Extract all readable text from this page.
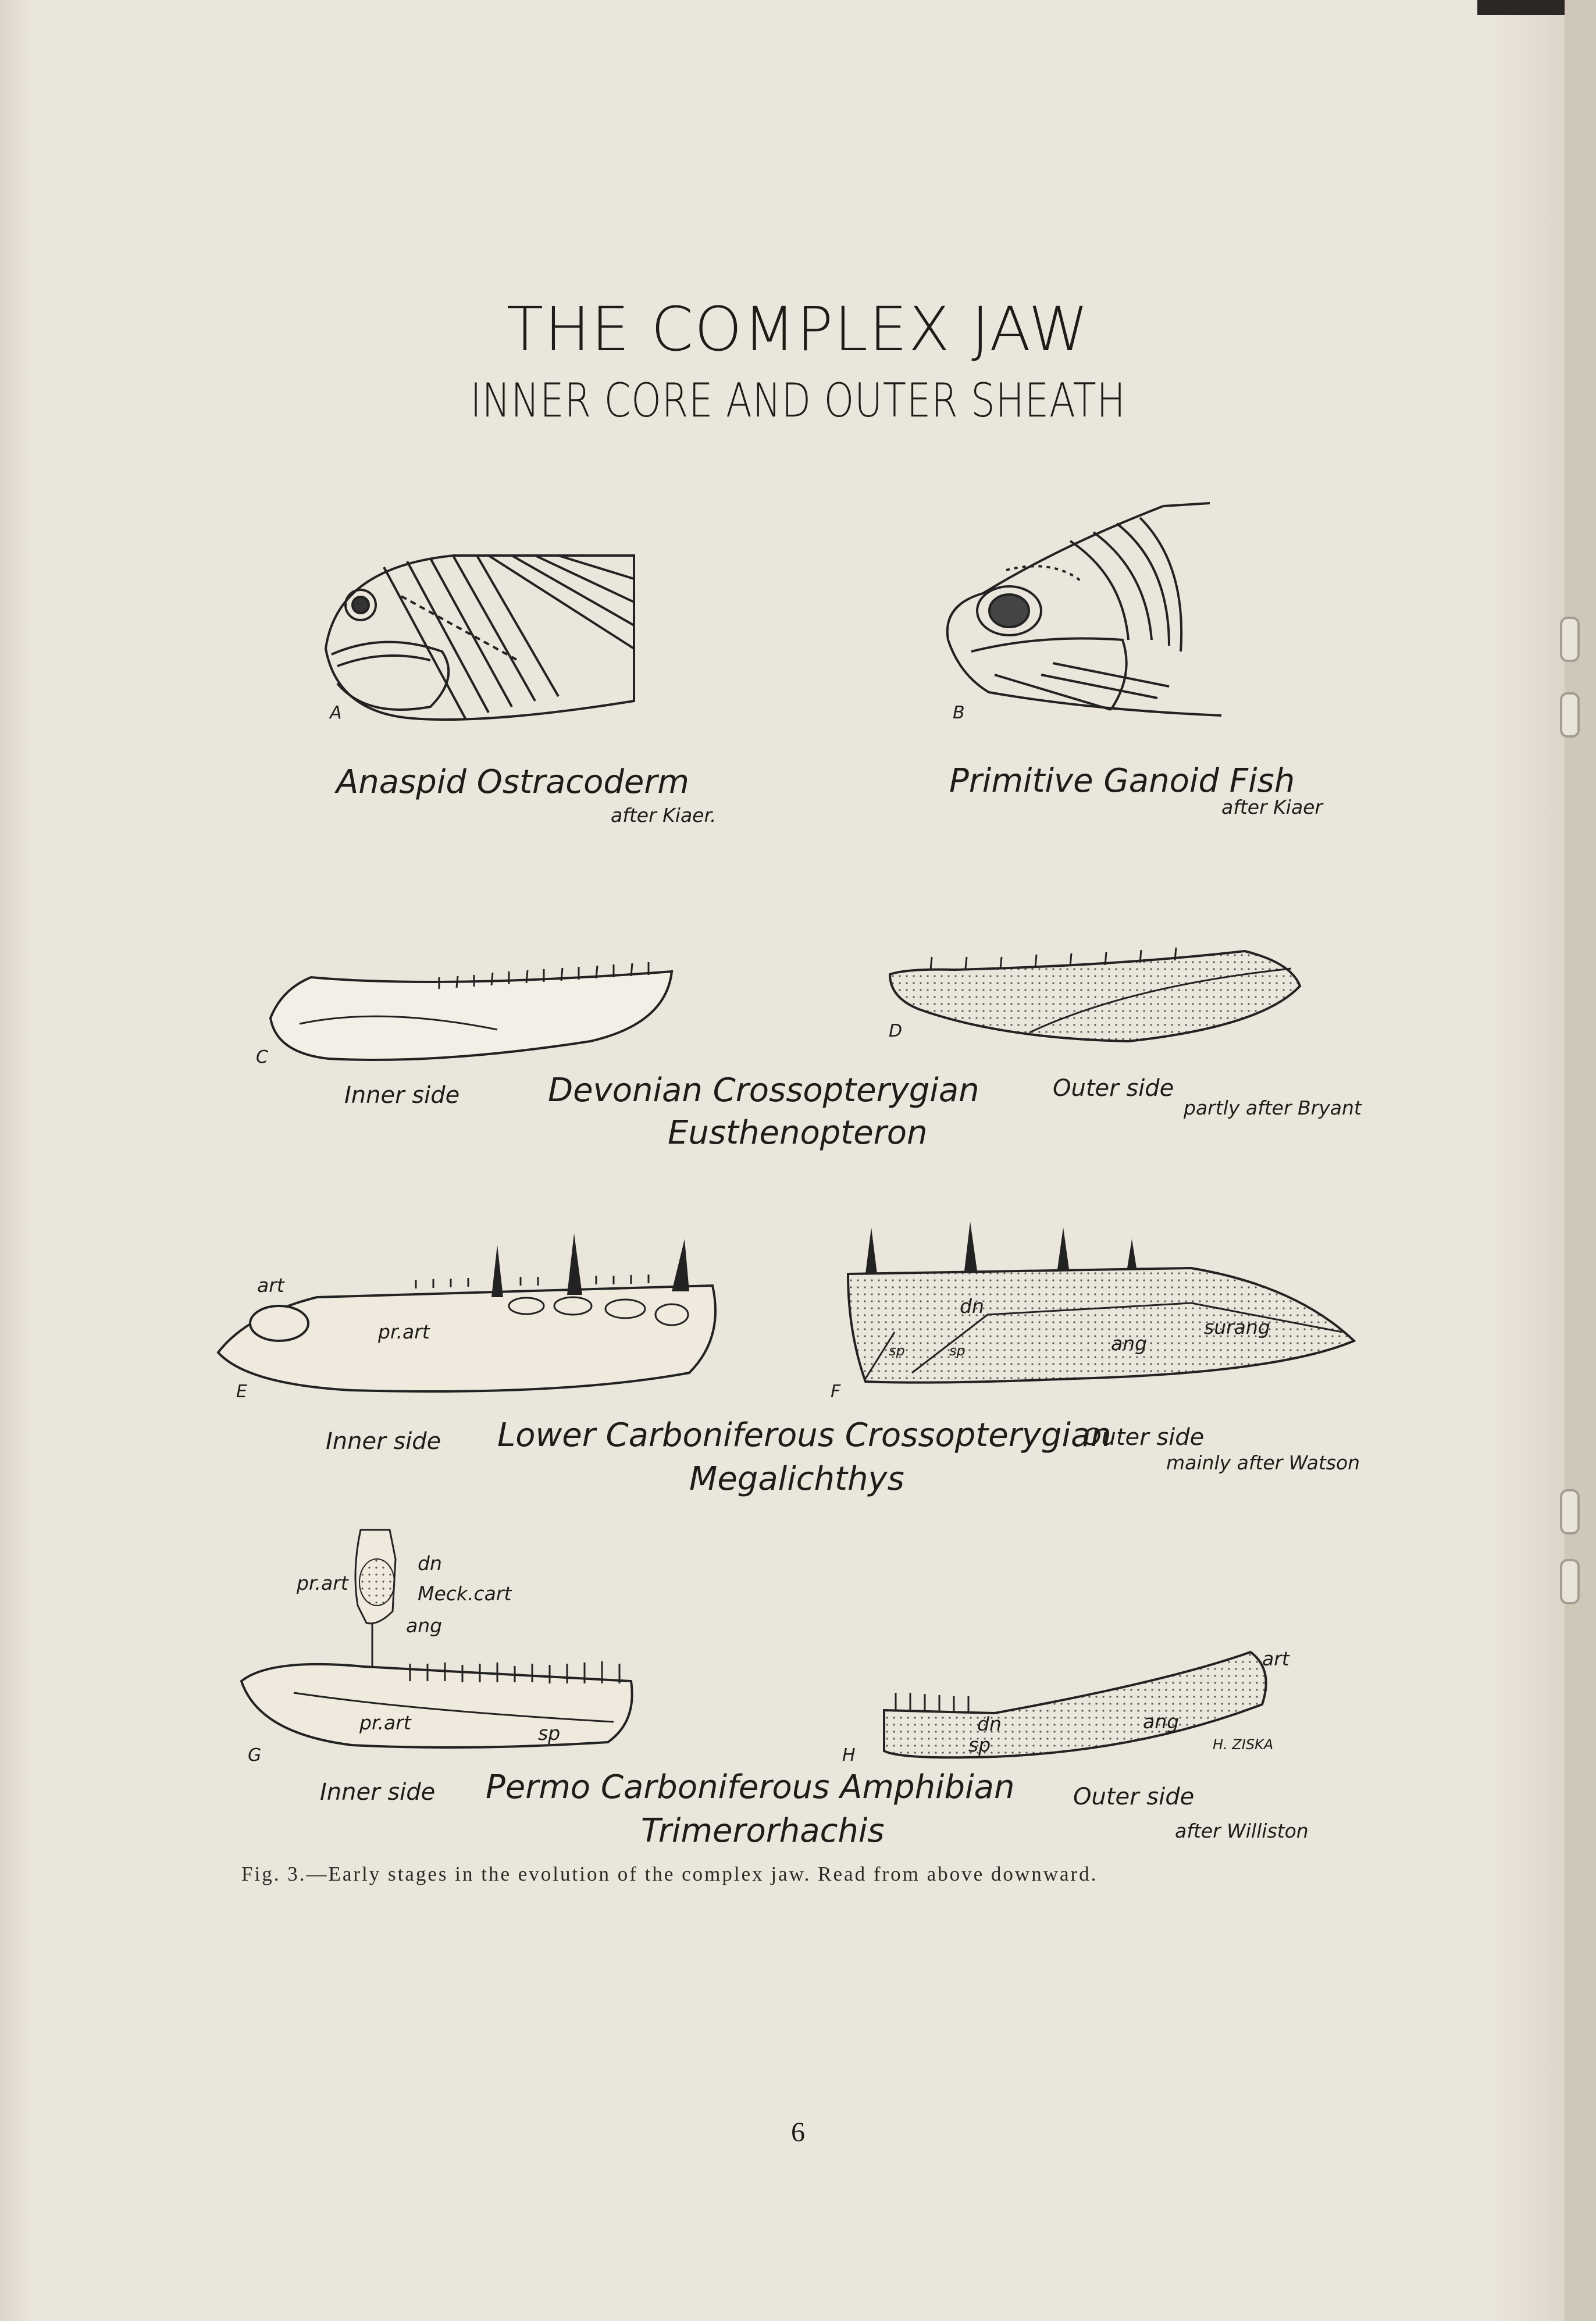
THE COMPLEX JAW
INNER CORE AND OUTER SHEATH
A
Anaspid Ostracoderm
after Kiaer.
B
Primitive Ganoid Fish
after Kiaer
C
D
Inner side	Devonian Crossopterygian
Eusthenopteron
Outer side
partly after Bryant
E	F
art
pr.art
dn
ang
surang
sp	sp
Inner side Lower Carboniferous Crossopterygian
Megalichthys
Outer side
mainly after Watson
pr.art
dn
Meck.cart
ang
art
pr.art	sp	dn
sp
ang
H. ZISKA
G	H
Inner side Permo Carboniferous Amphibian
Trimerorhachis
Outer side
after Williston
Fig. 3.—Early stages in the evolution of the complex jaw. Read from above downward.
6
